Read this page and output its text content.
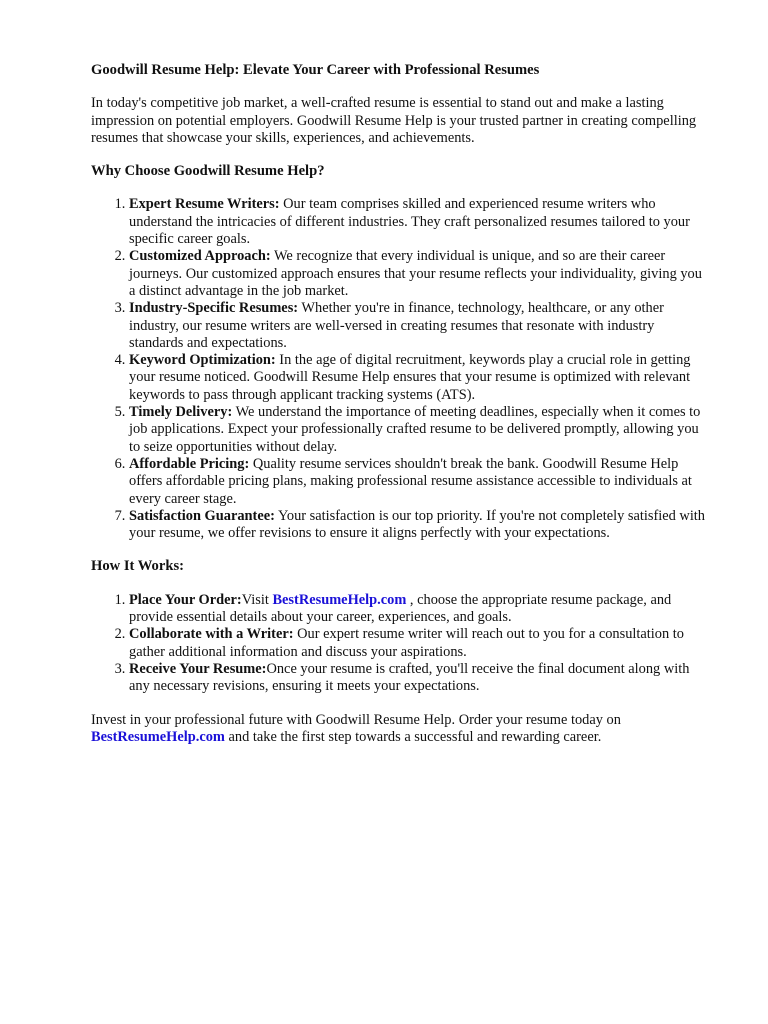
Goodwill Resume Help: Elevate Your Career with Professional Resumes

In today's competitive job market, a well-crafted resume is essential to stand out and make a lasting impression on potential employers. Goodwill Resume Help is your trusted partner in creating compelling resumes that showcase your skills, experiences, and achievements.

Why Choose Goodwill Resume Help?
1. Expert Resume Writers: Our team comprises skilled and experienced resume writers who understand the intricacies of different industries. They craft personalized resumes tailored to your specific career goals.
2. Customized Approach: We recognize that every individual is unique, and so are their career journeys. Our customized approach ensures that your resume reflects your individuality, giving you a distinct advantage in the job market.
3. Industry-Specific Resumes: Whether you're in finance, technology, healthcare, or any other industry, our resume writers are well-versed in creating resumes that resonate with industry standards and expectations.
4. Keyword Optimization: In the age of digital recruitment, keywords play a crucial role in getting your resume noticed. Goodwill Resume Help ensures that your resume is optimized with relevant keywords to pass through applicant tracking systems (ATS).
5. Timely Delivery: We understand the importance of meeting deadlines, especially when it comes to job applications. Expect your professionally crafted resume to be delivered promptly, allowing you to seize opportunities without delay.
6. Affordable Pricing: Quality resume services shouldn't break the bank. Goodwill Resume Help offers affordable pricing plans, making professional resume assistance accessible to individuals at every career stage.
7. Satisfaction Guarantee: Your satisfaction is our top priority. If you're not completely satisfied with your resume, we offer revisions to ensure it aligns perfectly with your expectations.
How It Works:
1. Place Your Order:Visit BestResumeHelp.com , choose the appropriate resume package, and provide essential details about your career, experiences, and goals.
2. Collaborate with a Writer: Our expert resume writer will reach out to you for a consultation to gather additional information and discuss your aspirations.
3. Receive Your Resume:Once your resume is crafted, you'll receive the final document along with any necessary revisions, ensuring it meets your expectations.

Invest in your professional future with Goodwill Resume Help. Order your resume today on BestResumeHelp.com and take the first step towards a successful and rewarding career.
